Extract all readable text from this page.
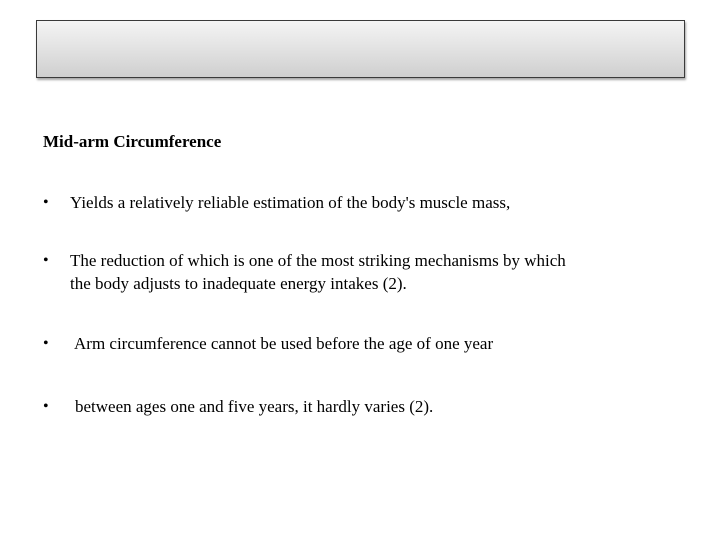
Mid-arm Circumference
• Yields a relatively reliable estimation of the body's muscle mass,
• The reduction of which is one of the most striking mechanisms by which
the body adjusts to inadequate energy intakes (2).
• Arm circumference cannot be used before the age of one year
• between ages one and five years, it hardly varies (2).
